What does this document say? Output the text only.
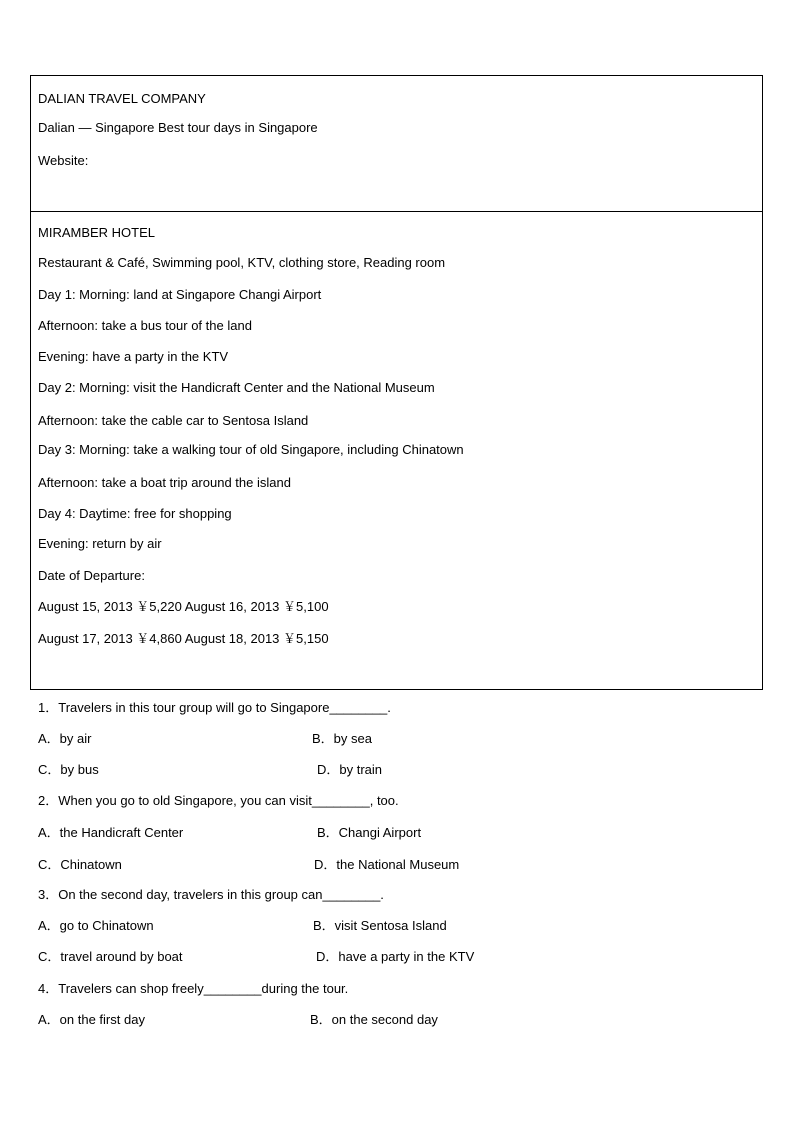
DALIAN TRAVEL COMPANY
Dalian — Singapore Best tour days in Singapore
Website:
MIRAMBER HOTEL
Restaurant & Café, Swimming pool, KTV, clothing store, Reading room
Day 1: Morning: land at Singapore Changi Airport
Afternoon: take a bus tour of the land
Evening: have a party in the KTV
Day 2: Morning: visit the Handicraft Center and the National Museum
Afternoon: take the cable car to Sentosa Island
Day 3: Morning: take a walking tour of old Singapore, including Chinatown
Afternoon: take a boat trip around the island
Day 4: Daytime: free for shopping
Evening: return by air
Date of Departure:
August 15, 2013 ￥5,220 August 16, 2013 ￥5,100
August 17, 2013 ￥4,860 August 18, 2013 ￥5,150
1．Travelers in this tour group will go to Singapore________.
A．by air	B．by sea
C．by bus	D．by train
2．When you go to old Singapore, you can visit________, too.
A．the Handicraft Center	B．Changi Airport
C．Chinatown	D．the National Museum
3．On the second day, travelers in this group can________.
A．go to Chinatown	B．visit Sentosa Island
C．travel around by boat	D．have a party in the KTV
4．Travelers can shop freely________during the tour.
A．on the first day	B．on the second day
